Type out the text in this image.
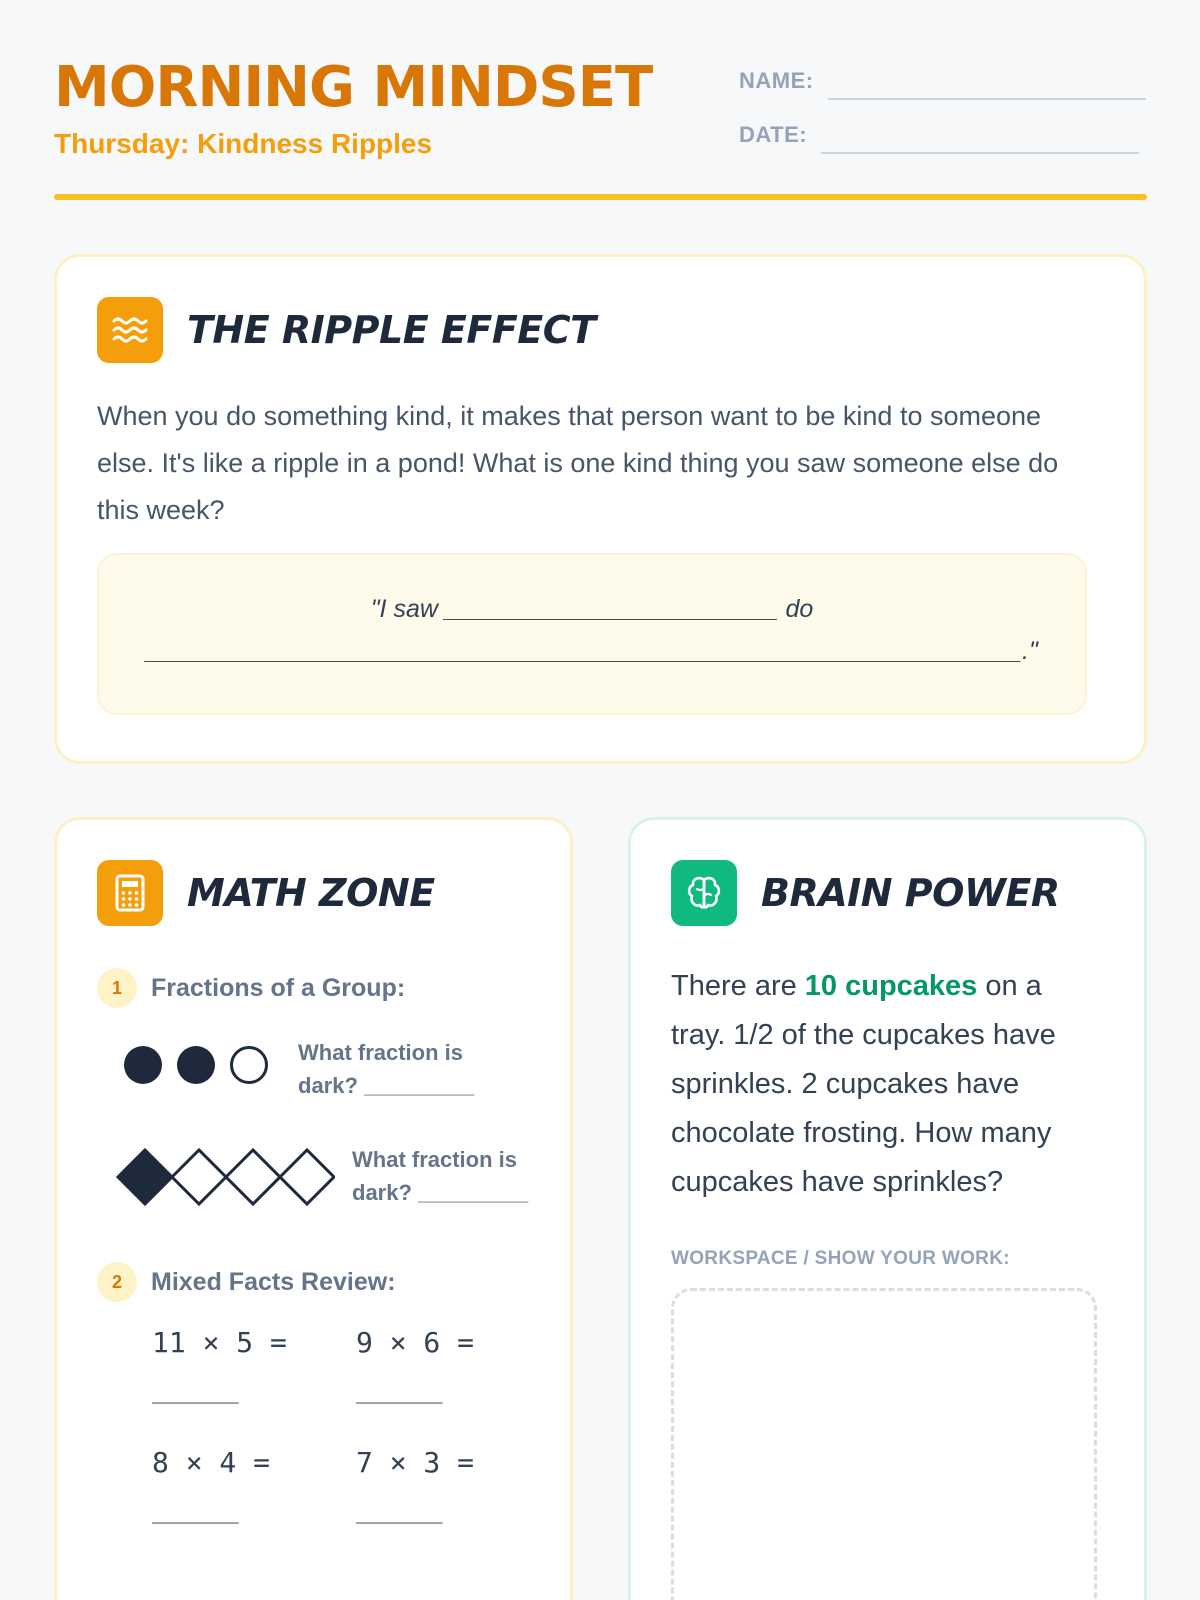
MORNING MINDSET
Thursday: Kindness Ripples
NAME:
DATE:
THE RIPPLE EFFECT
When you do something kind, it makes that person want to be kind to someone else. It's like a ripple in a pond! What is one kind thing you saw someone else do this week?
"I saw ________________________ do
_______________________________________________________________."
MATH ZONE
1	Fractions of a Group:
What fraction is
dark? _________
What fraction is
dark? _________
2	Mixed Facts Review:
11 × 5 = 9 × 6 =
______	______
8 × 4 =	7 × 3 =
______	______
BRAIN POWER
There are 10 cupcakes on a tray. 1/2 of the cupcakes have sprinkles. 2 cupcakes have chocolate frosting. How many cupcakes have sprinkles?
WORKSPACE / SHOW YOUR WORK:
